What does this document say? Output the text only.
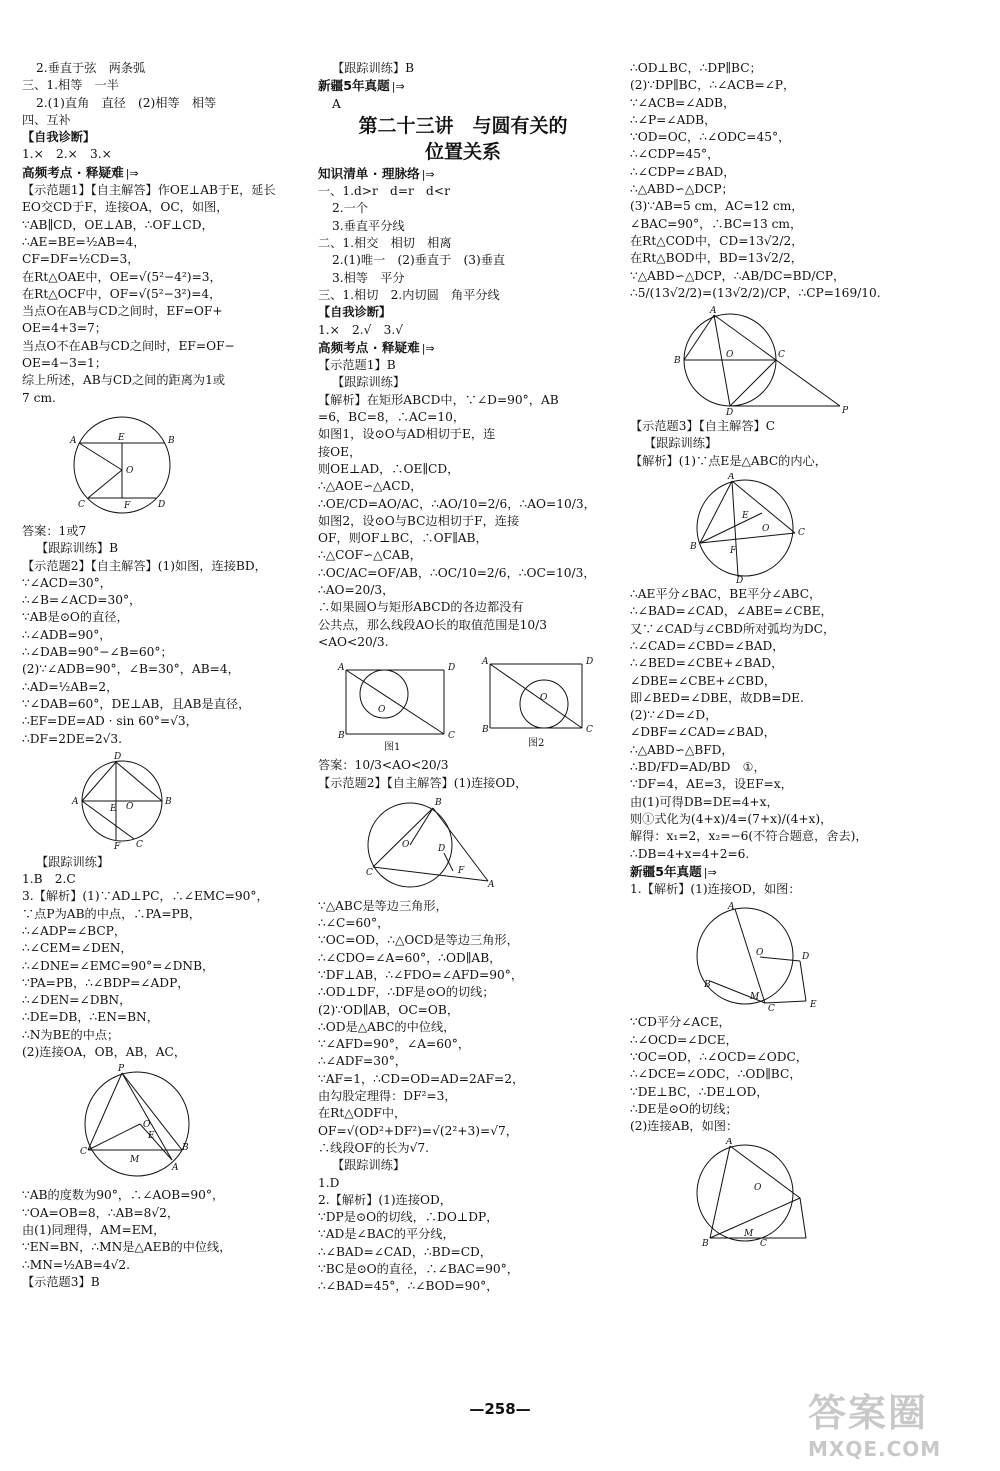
2.垂直于弦　两条弧
三、1.相等　一半
2.(1)直角　直径　(2)相等　相等
四、互补
【自我诊断】
1.×　2.×　3.×
高频考点 · 释疑难 |⇒
【示范题1】【自主解答】作OE⊥AB于E，延长
EO交CD于F，连接OA，OC，如图，
∵AB∥CD，OE⊥AB，∴OF⊥CD，
∴AE=BE=½AB=4，
CF=DF=½CD=3，
在Rt△OAE中，OE=√(5²−4²)=3，
在Rt△OCF中，OF=√(5²−3²)=4，
当点O在AB与CD之间时，EF=OF+
OE=4+3=7；
当点O不在AB与CD之间时，EF=OF−
OE=4−3=1；
综上所述，AB与CD之间的距离为1或
7 cm.
A	B
E
O
C	F	D
答案：1或7
【跟踪训练】B
【示范题2】【自主解答】(1)如图，连接BD，
∵∠ACD=30°，
∴∠B=∠ACD=30°，
∵AB是⊙O的直径，
∴∠ADB=90°，
∴∠DAB=90°−∠B=60°；
(2)∵∠ADB=90°，∠B=30°，AB=4，
∴AD=½AB=2，
∵∠DAB=60°，DE⊥AB，且AB是直径，
∴EF=DE=AD · sin 60°=√3，
∴DF=2DE=2√3.
A	B
D
E O
F C
【跟踪训练】
1.B　2.C
3.【解析】(1)∵AD⊥PC，∴∠EMC=90°，
∵点P为AB的中点，∴PA=PB，
∴∠ADP=∠BCP，
∴∠CEM=∠DEN，
∴∠DNE=∠EMC=90°=∠DNB，
∵PA=PB，∴∠BDP=∠ADP，
∴∠DEN=∠DBN，
∴DE=DB，∴EN=BN，
∴N为BE的中点；
(2)连接OA，OB，AB，AC，
P
O
C
E
B
M
A
∵AB的度数为90°，∴∠AOB=90°，
∵OA=OB=8，∴AB=8√2，
由(1)同理得，AM=EM，
∵EN=BN，∴MN是△AEB的中位线，
∴MN=½AB=4√2.
【示范题3】B
【跟踪训练】B
新疆5年真题 |⇒
A
第二十三讲　与圆有关的
位置关系
知识清单 · 理脉络 |⇒
一、1.d>r　d=r　d<r
2.一个
3.垂直平分线
二、1.相交　相切　相离
2.(1)唯一　(2)垂直于　(3)垂直
3.相等　平分
三、1.相切　2.内切圆　角平分线
【自我诊断】
1.×　2.√　3.√
高频考点 · 释疑难 |⇒
【示范题1】B
【跟踪训练】
【解析】在矩形ABCD中，∵∠D=90°，AB
=6，BC=8，∴AC=10，
如图1，设⊙O与AD相切于E，连
接OE，
则OE⊥AD，∴OE∥CD，
∴△AOE∽△ACD，
∴OE/CD=AO/AC，∴AO/10=2/6，∴AO=10/3，
如图2，设⊙O与BC边相切于F，连接
OF，则OF⊥BC，∴OF∥AB，
∴△COF∽△CAB，
∴OC/AC=OF/AB，∴OC/10=2/6，∴OC=10/3，
∴AO=20/3，
∴如果圆O与矩形ABCD的各边都没有
公共点，那么线段AO长的取值范围是10/3
<AO<20/3.
A	D
B	C
O
A	D
B	C
O
图1	图2
答案：10/3<AO<20/3
【示范题2】【自主解答】(1)连接OD，
B
O	D
F
C
A
∵△ABC是等边三角形，
∴∠C=60°，
∵OC=OD，∴△OCD是等边三角形，
∴∠CDO=∠A=60°，∴OD∥AB，
∵DF⊥AB，∴∠FDO=∠AFD=90°，
∴OD⊥DF，∴DF是⊙O的切线；
(2)∵OD∥AB，OC=OB，
∴OD是△ABC的中位线，
∵∠AFD=90°，∠A=60°，
∴∠ADF=30°，
∵AF=1，∴CD=OD=AD=2AF=2，
由勾股定理得：DF²=3，
在Rt△ODF中，
OF=√(OD²+DF²)=√(2²+3)=√7，
∴线段OF的长为√7.
【跟踪训练】
1.D
2.【解析】(1)连接OD，
∵DP是⊙O的切线，∴DO⊥DP，
∵AD是∠BAC的平分线，
∴∠BAD=∠CAD，∴BD=CD，
∵BC是⊙O的直径，∴∠BAC=90°，
∴∠BAD=45°，∴∠BOD=90°，
∴OD⊥BC，∴DP∥BC；
(2)∵DP∥BC，∴∠ACB=∠P，
∵∠ACB=∠ADB，
∴∠P=∠ADB，
∵OD=OC，∴∠ODC=45°，
∴∠CDP=45°，
∴∠CDP=∠BAD，
∴△ABD∽△DCP；
(3)∵AB=5 cm，AC=12 cm，
∠BAC=90°，∴BC=13 cm，
在Rt△COD中，CD=13√2/2，
在Rt△BOD中，BD=13√2/2，
∵△ABD∽△DCP，∴AB/DC=BD/CP，
∴5/(13√2/2)=(13√2/2)/CP，∴CP=169/10.
A
B
O	C
D	P
【示范题3】【自主解答】C
【跟踪训练】
【解析】(1)∵点E是△ABC的内心，
A
E
O
B	F
C
D
∴AE平分∠BAC，BE平分∠ABC，
∴∠BAD=∠CAD，∠ABE=∠CBE，
又∵∠CAD与∠CBD所对弧均为DC，
∴∠CAD=∠CBD=∠BAD，
∴∠BED=∠CBE+∠BAD，
∠DBE=∠CBE+∠CBD，
即∠BED=∠DBE，故DB=DE.
(2)∵∠D=∠D，
∠DBF=∠CAD=∠BAD，
∴△ABD∽△BFD，
∴BD/FD=AD/BD　①，
∵DF=4，AE=3，设EF=x，
由(1)可得DB=DE=4+x，
则①式化为(4+x)/4=(7+x)/(4+x)，
解得：x₁=2，x₂=−6(不符合题意，舍去)，
∴DB=4+x=4+2=6.
新疆5年真题 |⇒
1.【解析】(1)连接OD，如图：
A
O	D
B
M
C	E
∵CD平分∠ACE，
∴∠OCD=∠DCE，
∵OC=OD，∴∠OCD=∠ODC，
∴∠DCE=∠ODC，∴OD∥BC，
∵DE⊥BC，∴DE⊥OD，
∴DE是⊙O的切线；
(2)连接AB，如图：
A
O
B
M
C
—258—	答案圈
MXQE.COM
